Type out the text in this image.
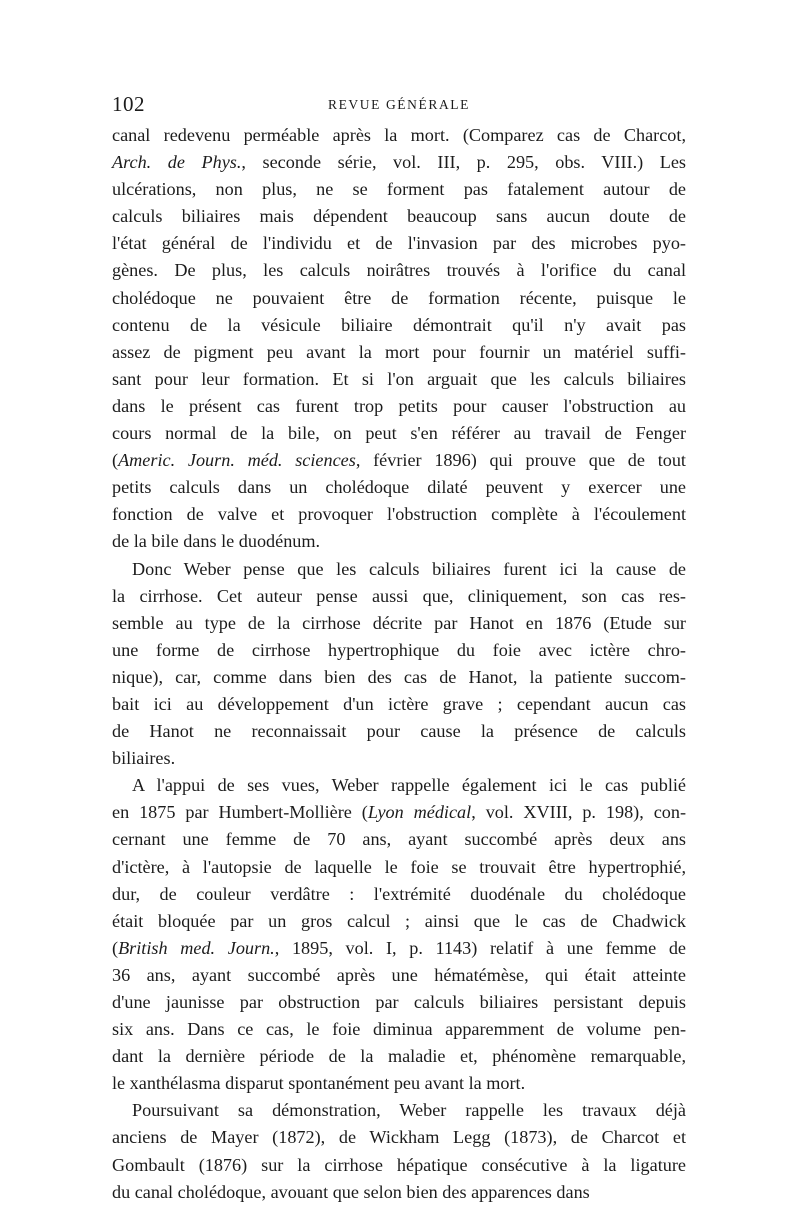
102	REVUE GÉNÉRALE

canal redevenu perméable après la mort. (Comparez cas de Charcot,

Arch. de Phys., seconde série, vol. III, p. 295, obs. VIII.) Les

ulcérations, non plus, ne se forment pas fatalement autour de

calculs biliaires mais dépendent beaucoup sans aucun doute de

l'état général de l'individu et de l'invasion par des microbes pyo-

gènes. De plus, les calculs noirâtres trouvés à l'orifice du canal

cholédoque ne pouvaient être de formation récente, puisque le

contenu de la vésicule biliaire démontrait qu'il n'y avait pas

assez de pigment peu avant la mort pour fournir un matériel suffi-

sant pour leur formation. Et si l'on arguait que les calculs biliaires

dans le présent cas furent trop petits pour causer l'obstruction au

cours normal de la bile, on peut s'en référer au travail de Fenger

(Americ. Journ. méd. sciences, février 1896) qui prouve que de tout

petits calculs dans un cholédoque dilaté peuvent y exercer une

fonction de valve et provoquer l'obstruction complète à l'écoulement

de la bile dans le duodénum.

Donc Weber pense que les calculs biliaires furent ici la cause de

la cirrhose. Cet auteur pense aussi que, cliniquement, son cas res-

semble au type de la cirrhose décrite par Hanot en 1876 (Etude sur

une forme de cirrhose hypertrophique du foie avec ictère chro-

nique), car, comme dans bien des cas de Hanot, la patiente succom-

bait ici au développement d'un ictère grave ; cependant aucun cas

de Hanot ne reconnaissait pour cause la présence de calculs

biliaires.

A l'appui de ses vues, Weber rappelle également ici le cas publié

en 1875 par Humbert-Mollière (Lyon médical, vol. XVIII, p. 198), con-

cernant une femme de 70 ans, ayant succombé après deux ans

d'ictère, à l'autopsie de laquelle le foie se trouvait être hypertrophié,

dur, de couleur verdâtre : l'extrémité duodénale du cholédoque

était bloquée par un gros calcul ; ainsi que le cas de Chadwick

(British med. Journ., 1895, vol. I, p. 1143) relatif à une femme de

36 ans, ayant succombé après une hématémèse, qui était atteinte

d'une jaunisse par obstruction par calculs biliaires persistant depuis

six ans. Dans ce cas, le foie diminua apparemment de volume pen-

dant la dernière période de la maladie et, phénomène remarquable,

le xanthélasma disparut spontanément peu avant la mort.

Poursuivant sa démonstration, Weber rappelle les travaux déjà

anciens de Mayer (1872), de Wickham Legg (1873), de Charcot et

Gombault (1876) sur la cirrhose hépatique consécutive à la ligature

du canal cholédoque, avouant que selon bien des apparences dans
